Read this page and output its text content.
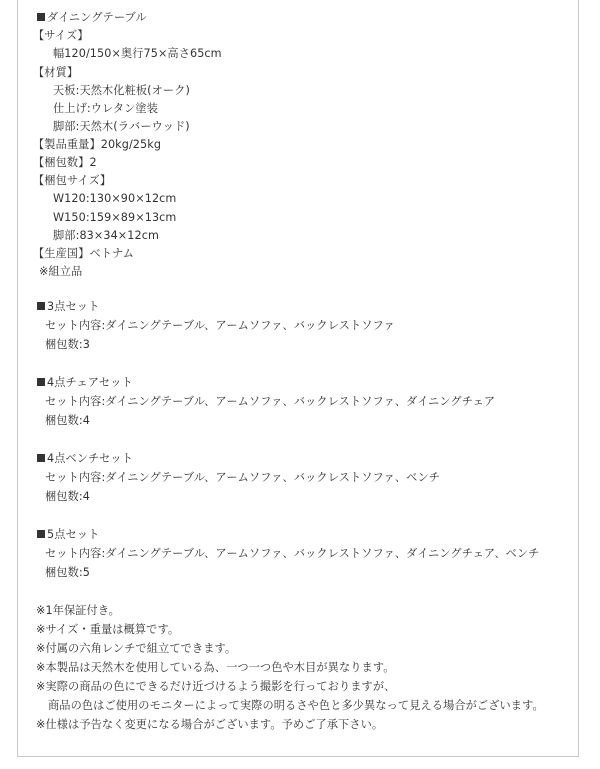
ダイニングテーブル
【サイズ】
幅120/150×奥行75×高さ65cm
【材質】
天板:天然木化粧板(オーク)
仕上げ:ウレタン塗装
脚部:天然木(ラバーウッド)
【製品重量】20kg/25kg
【梱包数】2
【梱包サイズ】
W120:130×90×12cm
W150:159×89×13cm
脚部:83×34×12cm
【生産国】ベトナム
※組立品
3点セット
セット内容:ダイニングテーブル、アームソファ、バックレストソファ
梱包数:3
4点チェアセット
セット内容:ダイニングテーブル、アームソファ、バックレストソファ、ダイニングチェア
梱包数:4
4点ベンチセット
セット内容:ダイニングテーブル、アームソファ、バックレストソファ、ベンチ
梱包数:4
5点セット
セット内容:ダイニングテーブル、アームソファ、バックレストソファ、ダイニングチェア、ベンチ
梱包数:5
※1年保証付き。
※サイズ・重量は概算です。
※付属の六角レンチで組立てできます。
※本製品は天然木を使用している為、一つ一つ色や木目が異なります。
※実際の商品の色にできるだけ近づけるよう撮影を行っておりますが、
商品の色はご使用のモニターによって実際の明るさや色と多少異なって見える場合がございます。
※仕様は予告なく変更になる場合がございます。予めご了承下さい。
